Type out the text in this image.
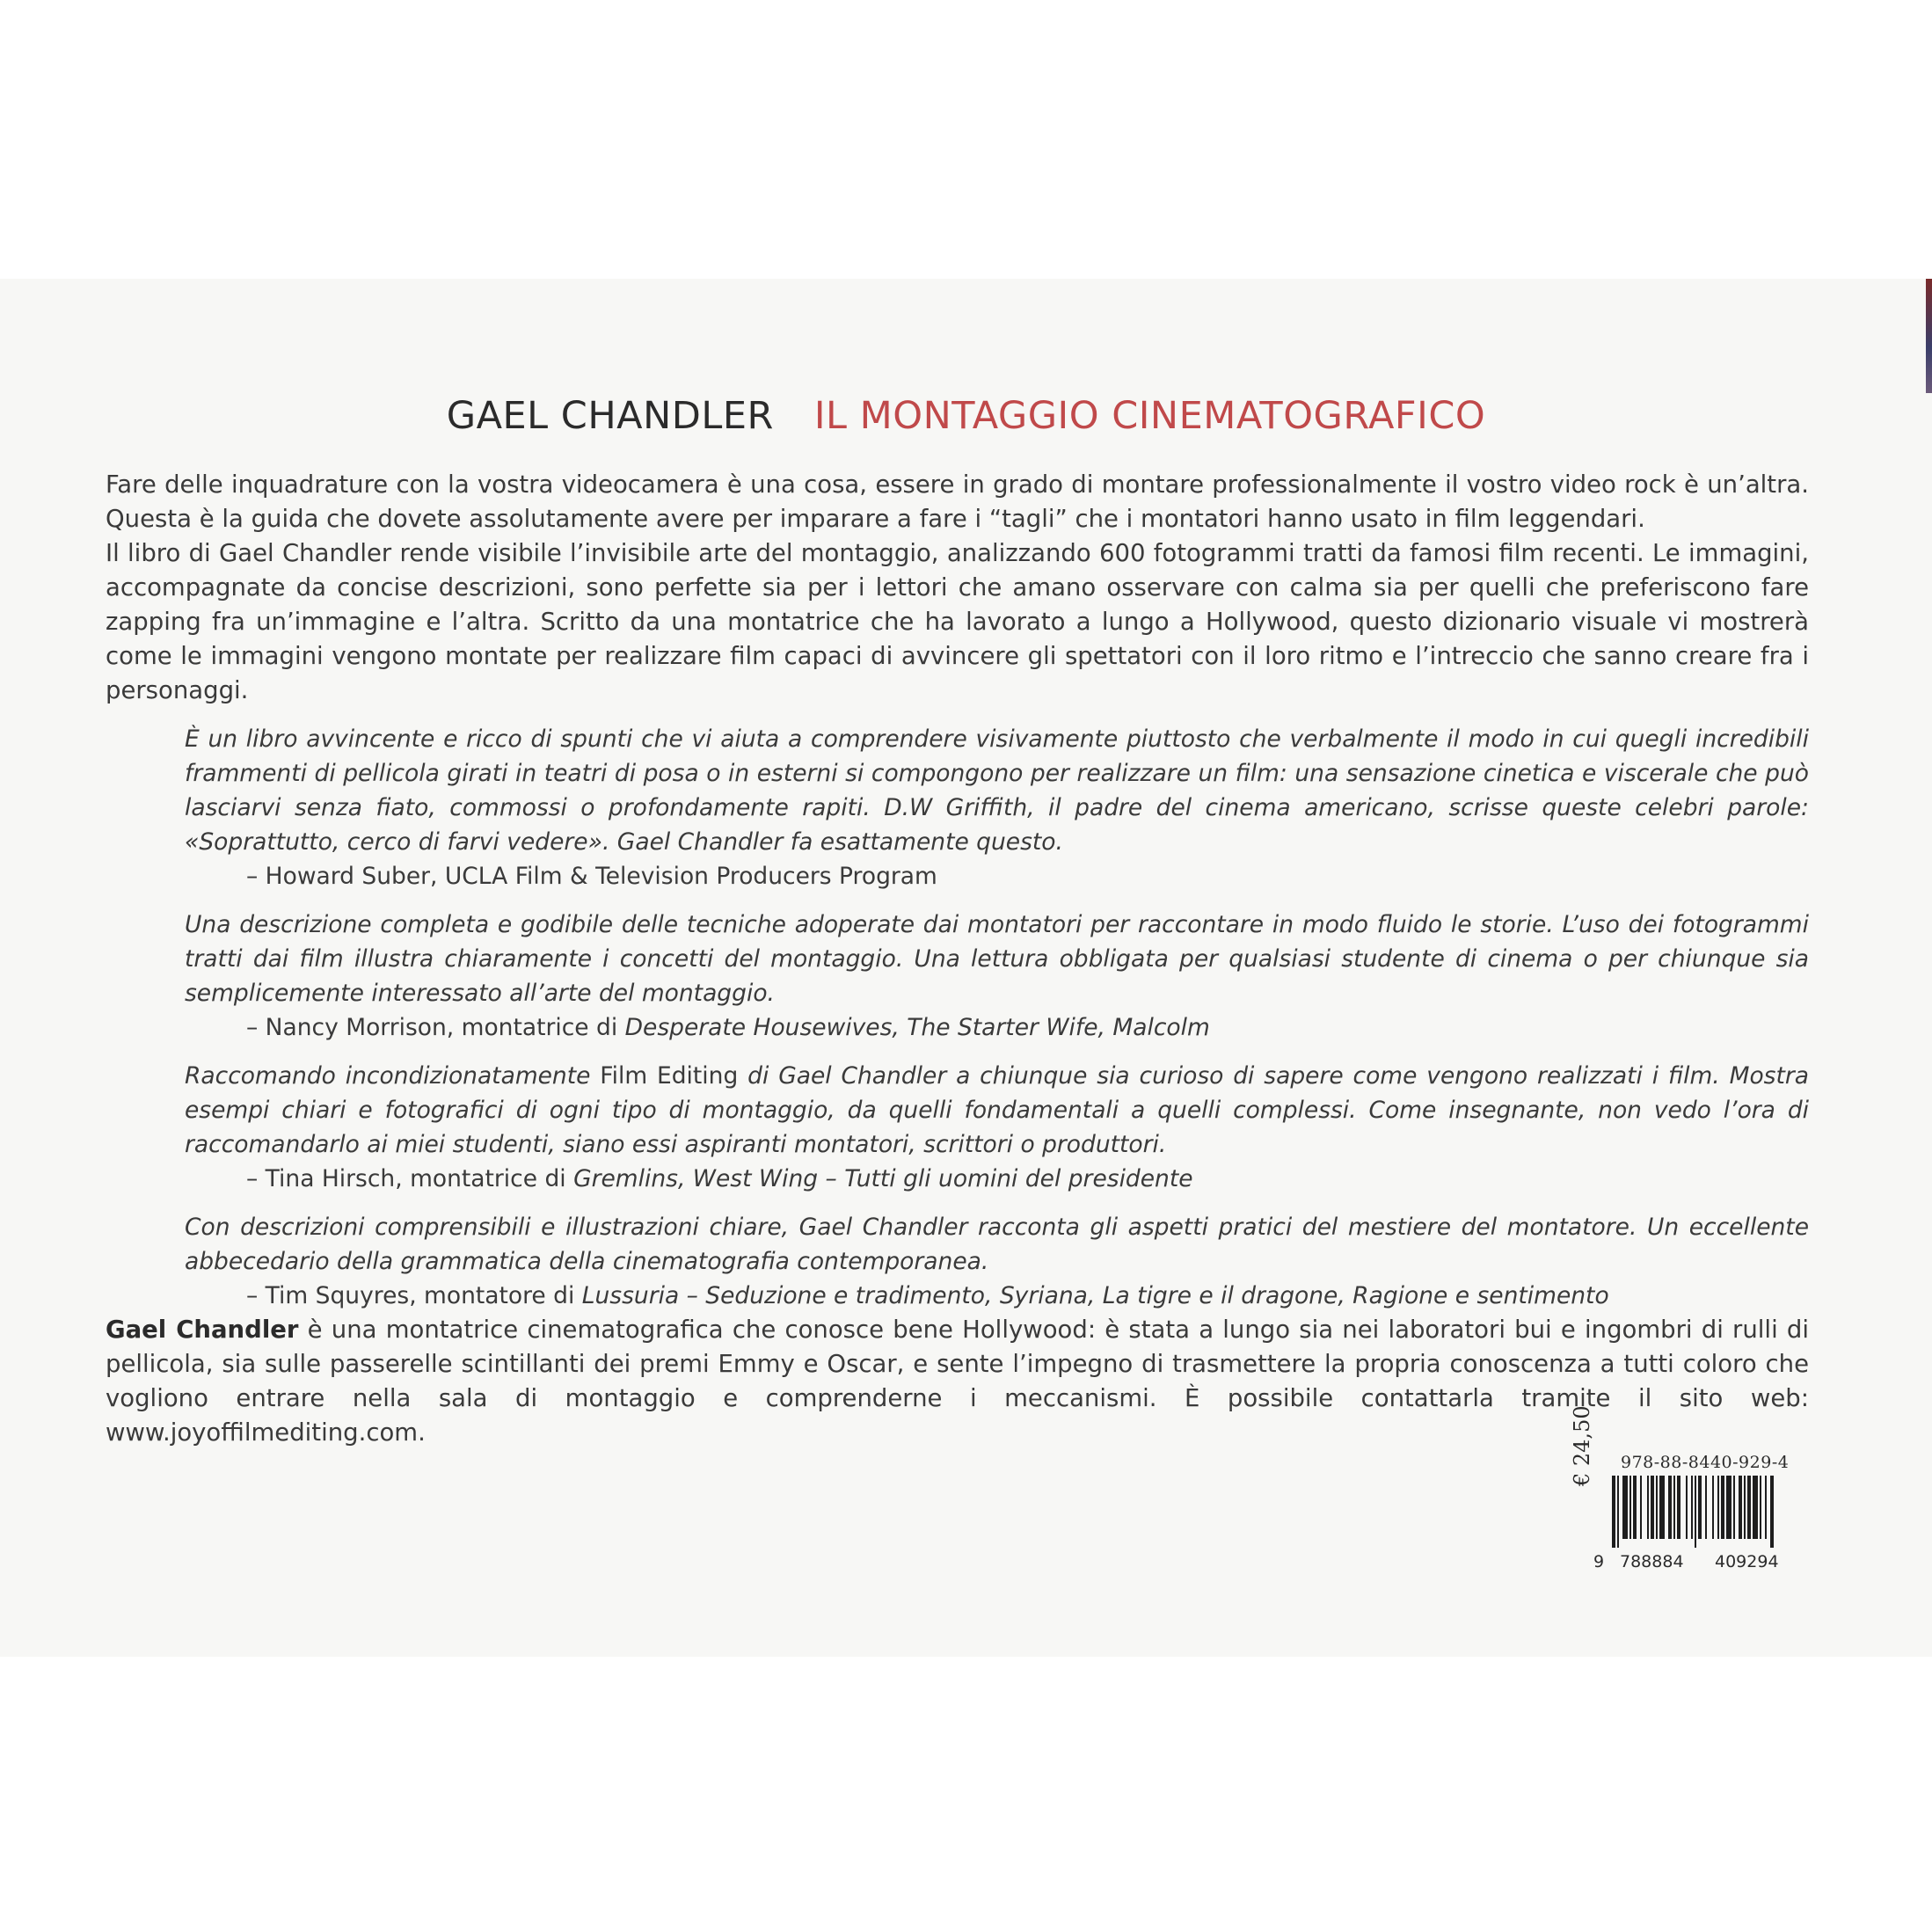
GAEL CHANDLER IL MONTAGGIO CINEMATOGRAFICO

Fare delle inquadrature con la vostra videocamera è una cosa, essere in grado di montare professionalmente il vostro video rock è un’altra. Questa è la guida che dovete assolutamente avere per imparare a fare i “tagli” che i montatori hanno usato in film leggendari.

Il libro di Gael Chandler rende visibile l’invisibile arte del montaggio, analizzando 600 fotogrammi tratti da famosi film recenti. Le immagini, accompagnate da concise descrizioni, sono perfette sia per i lettori che amano osservare con calma sia per quelli che preferiscono fare zapping fra un’immagine e l’altra. Scritto da una montatrice che ha lavorato a lungo a Hollywood, questo dizionario visuale vi mostrerà come le immagini vengono montate per realizzare film capaci di avvincere gli spettatori con il loro ritmo e l’intreccio che sanno creare fra i personaggi.

È un libro avvincente e ricco di spunti che vi aiuta a comprendere visivamente piuttosto che verbalmente il modo in cui quegli incredibili frammenti di pellicola girati in teatri di posa o in esterni si compongono per realizzare un film: una sensazione cinetica e viscerale che può lasciarvi senza fiato, commossi o profondamente rapiti. D.W Griffith, il padre del cinema americano, scrisse queste celebri parole: «Soprattutto, cerco di farvi vedere». Gael Chandler fa esattamente questo.
– Howard Suber, UCLA Film & Television Producers Program
Una descrizione completa e godibile delle tecniche adoperate dai montatori per raccontare in modo fluido le storie. L’uso dei fotogrammi tratti dai film illustra chiaramente i concetti del montaggio. Una lettura obbligata per qualsiasi studente di cinema o per chiunque sia semplicemente interessato all’arte del montaggio.
– Nancy Morrison, montatrice di Desperate Housewives, The Starter Wife, Malcolm
Raccomando incondizionatamente Film Editing di Gael Chandler a chiunque sia curioso di sapere come vengono realizzati i film. Mostra esempi chiari e fotografici di ogni tipo di montaggio, da quelli fondamentali a quelli complessi. Come insegnante, non vedo l’ora di raccomandarlo ai miei studenti, siano essi aspiranti montatori, scrittori o produttori.
– Tina Hirsch, montatrice di Gremlins, West Wing – Tutti gli uomini del presidente
Con descrizioni comprensibili e illustrazioni chiare, Gael Chandler racconta gli aspetti pratici del mestiere del montatore. Un eccellente abbecedario della grammatica della cinematografia contemporanea.
– Tim Squyres, montatore di Lussuria – Seduzione e tradimento, Syriana, La tigre e il dragone, Ragione e sentimento

Gael Chandler è una montatrice cinematografica che conosce bene Hollywood: è stata a lungo sia nei laboratori bui e ingombri di rulli di pellicola, sia sulle passerelle scintillanti dei premi Emmy e Oscar, e sente l’impegno di trasmettere la propria conoscenza a tutti coloro che vogliono entrare nella sala di montaggio e comprenderne i meccanismi. È possibile contattarla tramite il sito web: www.joyoffilmediting.com.	€ 24,50 978-88-8440-929-4
9 788884 409294
